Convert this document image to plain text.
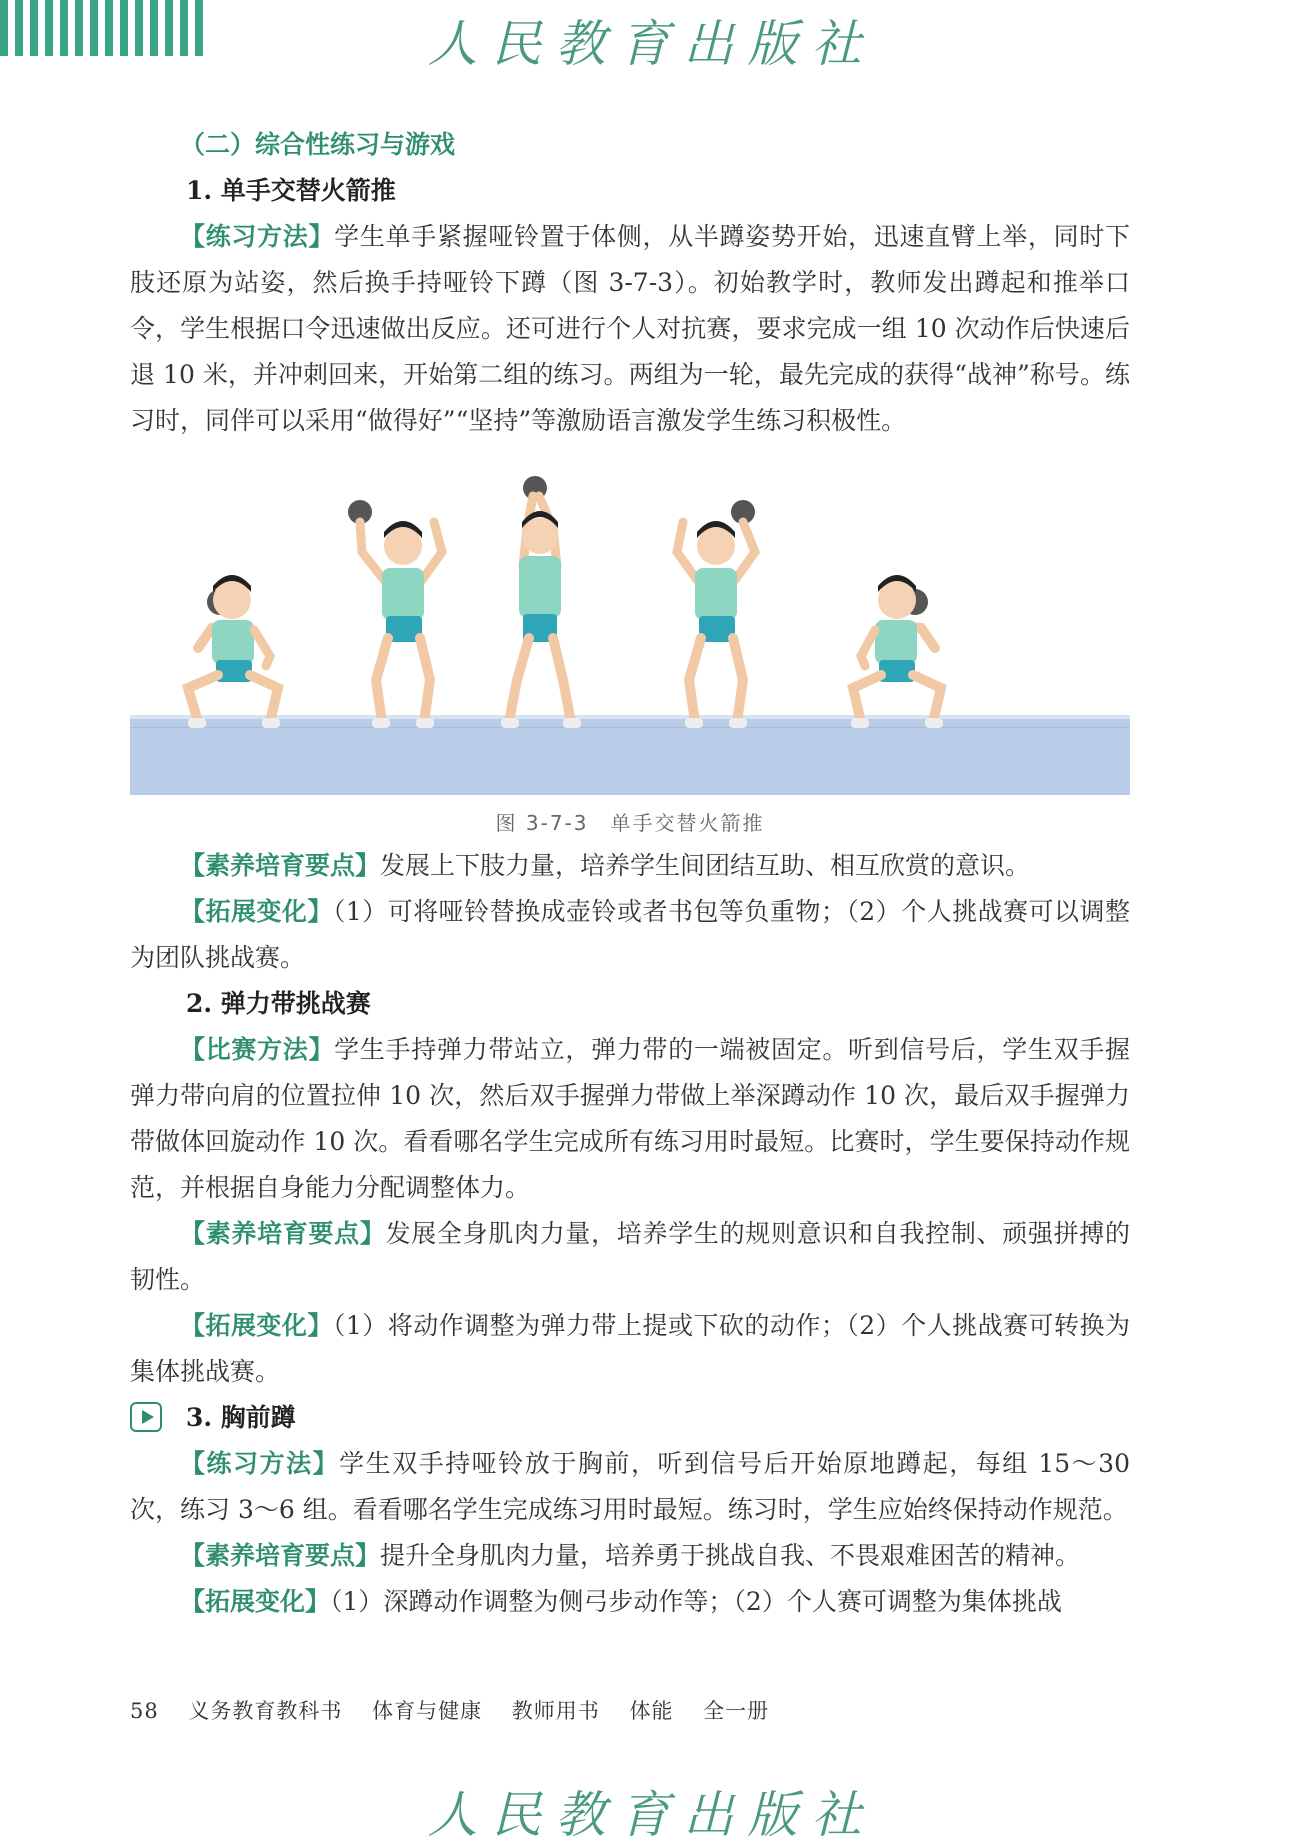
人民教育出版社

（二）综合性练习与游戏

1. 单手交替火箭推

【练习方法】学生单手紧握哑铃置于体侧，从半蹲姿势开始，迅速直臂上举，同时下肢还原为站姿，然后换手持哑铃下蹲（图 3-7-3）。初始教学时，教师发出蹲起和推举口令，学生根据口令迅速做出反应。还可进行个人对抗赛，要求完成一组 10 次动作后快速后退 10 米，并冲刺回来，开始第二组的练习。两组为一轮，最先完成的获得“战神”称号。练习时，同伴可以采用“做得好”“坚持”等激励语言激发学生练习积极性。

图 3-7-3　单手交替火箭推

【素养培育要点】发展上下肢力量，培养学生间团结互助、相互欣赏的意识。

【拓展变化】（1）可将哑铃替换成壶铃或者书包等负重物；（2）个人挑战赛可以调整为团队挑战赛。

2. 弹力带挑战赛

【比赛方法】学生手持弹力带站立，弹力带的一端被固定。听到信号后，学生双手握弹力带向肩的位置拉伸 10 次，然后双手握弹力带做上举深蹲动作 10 次，最后双手握弹力带做体回旋动作 10 次。看看哪名学生完成所有练习用时最短。比赛时，学生要保持动作规范，并根据自身能力分配调整体力。

【素养培育要点】发展全身肌肉力量，培养学生的规则意识和自我控制、顽强拼搏的韧性。

【拓展变化】（1）将动作调整为弹力带上提或下砍的动作；（2）个人挑战赛可转换为集体挑战赛。

3. 胸前蹲

【练习方法】学生双手持哑铃放于胸前，听到信号后开始原地蹲起，每组 15～30 次，练习 3～6 组。看看哪名学生完成练习用时最短。练习时，学生应始终保持动作规范。

【素养培育要点】提升全身肌肉力量，培养勇于挑战自我、不畏艰难困苦的精神。

【拓展变化】（1）深蹲动作调整为侧弓步动作等；（2）个人赛可调整为集体挑战

58 义务教育教科书 体育与健康 教师用书 体能 全一册
人民教育出版社
